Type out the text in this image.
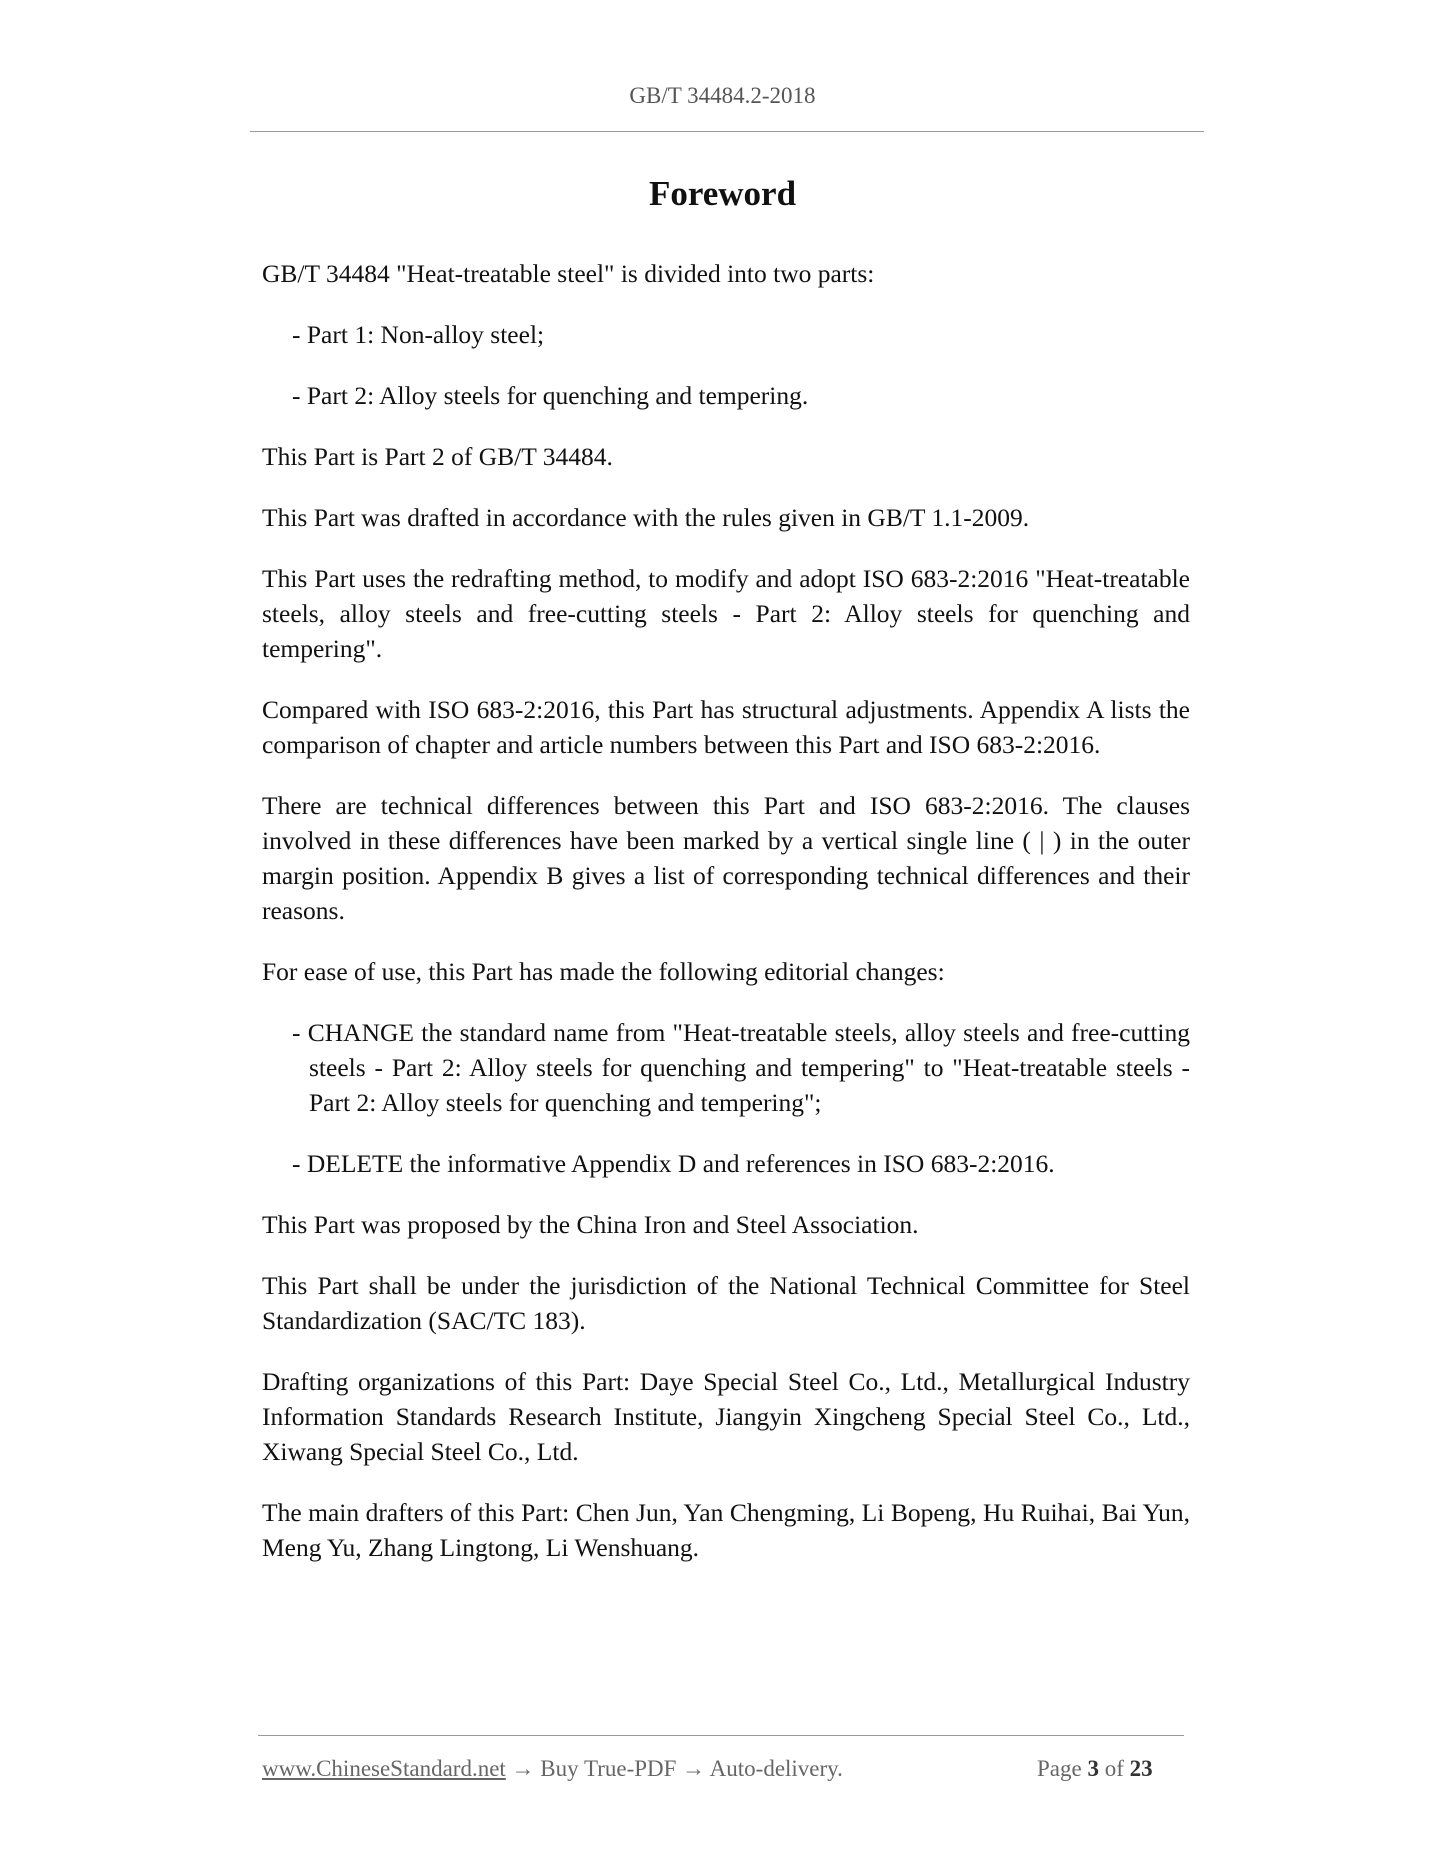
GB/T 34484.2-2018
Foreword

GB/T 34484 "Heat-treatable steel" is divided into two parts:

- Part 1: Non-alloy steel;

- Part 2: Alloy steels for quenching and tempering.

This Part is Part 2 of GB/T 34484.

This Part was drafted in accordance with the rules given in GB/T 1.1-2009.

This Part uses the redrafting method, to modify and adopt ISO 683-2:2016 "Heat-treatable steels, alloy steels and free-cutting steels - Part 2: Alloy steels for quenching and tempering".

Compared with ISO 683-2:2016, this Part has structural adjustments. Appendix A lists the comparison of chapter and article numbers between this Part and ISO 683-2:2016.

There are technical differences between this Part and ISO 683-2:2016. The clauses involved in these differences have been marked by a vertical single line ( | ) in the outer margin position. Appendix B gives a list of corresponding technical differences and their reasons.

For ease of use, this Part has made the following editorial changes:

- CHANGE the standard name from "Heat-treatable steels, alloy steels and free-cutting steels - Part 2: Alloy steels for quenching and tempering" to "Heat-treatable steels - Part 2: Alloy steels for quenching and tempering";

- DELETE the informative Appendix D and references in ISO 683-2:2016.

This Part was proposed by the China Iron and Steel Association.

This Part shall be under the jurisdiction of the National Technical Committee for Steel Standardization (SAC/TC 183).

Drafting organizations of this Part: Daye Special Steel Co., Ltd., Metallurgical Industry Information Standards Research Institute, Jiangyin Xingcheng Special Steel Co., Ltd., Xiwang Special Steel Co., Ltd.

The main drafters of this Part: Chen Jun, Yan Chengming, Li Bopeng, Hu Ruihai, Bai Yun, Meng Yu, Zhang Lingtong, Li Wenshuang.

www.ChineseStandard.net → Buy True-PDF → Auto-delivery.	Page 3 of 23
